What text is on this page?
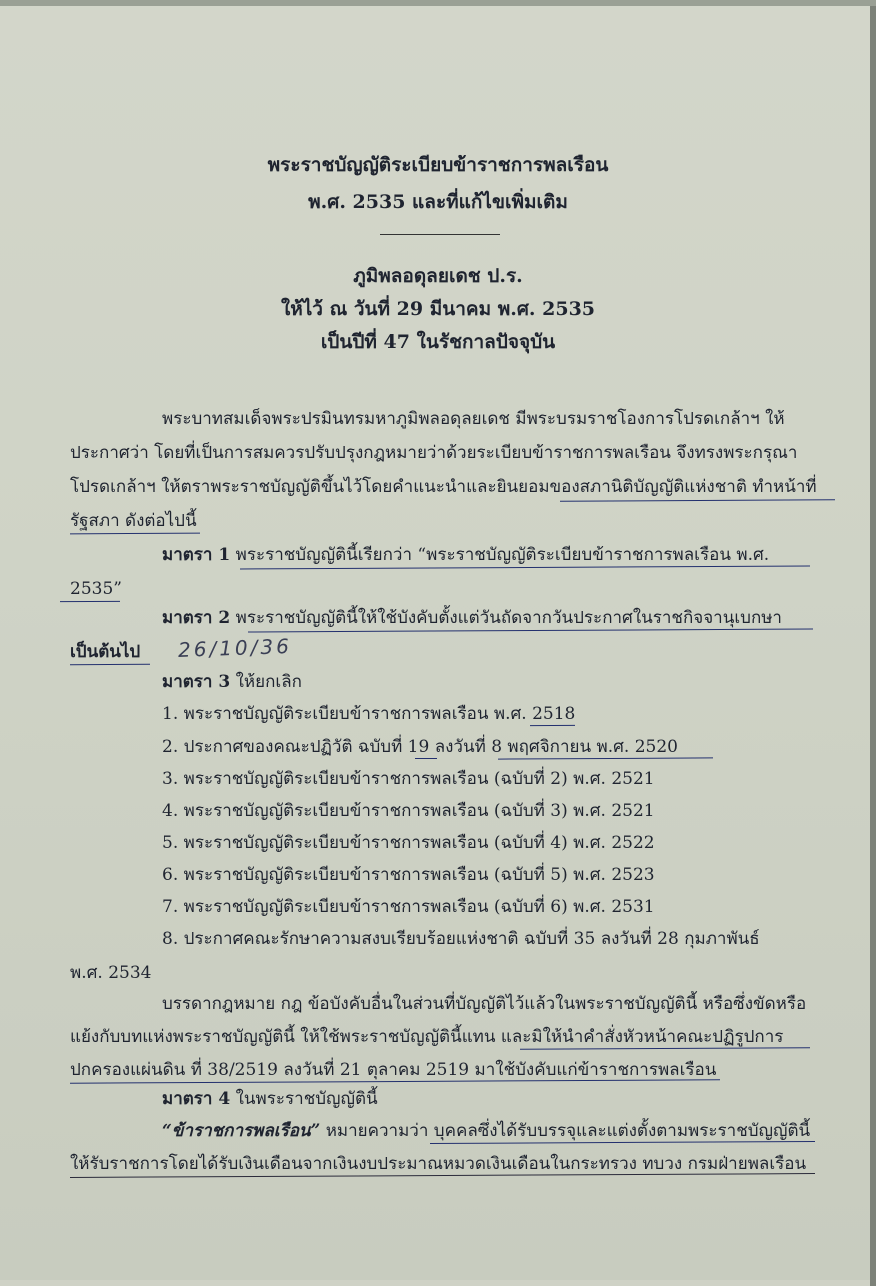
พระราชบัญญัติระเบียบข้าราชการพลเรือน
พ.ศ. 2535 และที่แก้ไขเพิ่มเติม
ภูมิพลอดุลยเดช ป.ร.
ให้ไว้ ณ วันที่ 29 มีนาคม พ.ศ. 2535
เป็นปีที่ 47 ในรัชกาลปัจจุบัน
พระบาทสมเด็จพระปรมินทรมหาภูมิพลอดุลยเดช มีพระบรมราชโองการโปรดเกล้าฯ ให้
ประกาศว่า โดยที่เป็นการสมควรปรับปรุงกฎหมายว่าด้วยระเบียบข้าราชการพลเรือน จึงทรงพระกรุณา
โปรดเกล้าฯ ให้ตราพระราชบัญญัติขึ้นไว้โดยคำแนะนำและยินยอมของสภานิติบัญญัติแห่งชาติ ทำหน้าที่
รัฐสภา ดังต่อไปนี้
มาตรา 1 พระราชบัญญัตินี้เรียกว่า “พระราชบัญญัติระเบียบข้าราชการพลเรือน พ.ศ.
2535”
มาตรา 2 พระราชบัญญัตินี้ให้ใช้บังคับตั้งแต่วันถัดจากวันประกาศในราชกิจจานุเบกษา
เป็นต้นไป 26/10/36
มาตรา 3 ให้ยกเลิก
1. พระราชบัญญัติระเบียบข้าราชการพลเรือน พ.ศ. 2518
2. ประกาศของคณะปฏิวัติ ฉบับที่ 19 ลงวันที่ 8 พฤศจิกายน พ.ศ. 2520
3. พระราชบัญญัติระเบียบข้าราชการพลเรือน (ฉบับที่ 2) พ.ศ. 2521
4. พระราชบัญญัติระเบียบข้าราชการพลเรือน (ฉบับที่ 3) พ.ศ. 2521
5. พระราชบัญญัติระเบียบข้าราชการพลเรือน (ฉบับที่ 4) พ.ศ. 2522
6. พระราชบัญญัติระเบียบข้าราชการพลเรือน (ฉบับที่ 5) พ.ศ. 2523
7. พระราชบัญญัติระเบียบข้าราชการพลเรือน (ฉบับที่ 6) พ.ศ. 2531
8. ประกาศคณะรักษาความสงบเรียบร้อยแห่งชาติ ฉบับที่ 35 ลงวันที่ 28 กุมภาพันธ์
พ.ศ. 2534
บรรดากฎหมาย กฎ ข้อบังคับอื่นในส่วนที่บัญญัติไว้แล้วในพระราชบัญญัตินี้ หรือซึ่งขัดหรือ
แย้งกับบทแห่งพระราชบัญญัตินี้ ให้ใช้พระราชบัญญัตินี้แทน และมิให้นำคำสั่งหัวหน้าคณะปฏิรูปการ
ปกครองแผ่นดิน ที่ 38/2519 ลงวันที่ 21 ตุลาคม 2519 มาใช้บังคับแก่ข้าราชการพลเรือน
มาตรา 4 ในพระราชบัญญัตินี้
“ข้าราชการพลเรือน” หมายความว่า บุคคลซึ่งได้รับบรรจุและแต่งตั้งตามพระราชบัญญัตินี้
ให้รับราชการโดยได้รับเงินเดือนจากเงินงบประมาณหมวดเงินเดือนในกระทรวง ทบวง กรมฝ่ายพลเรือน
